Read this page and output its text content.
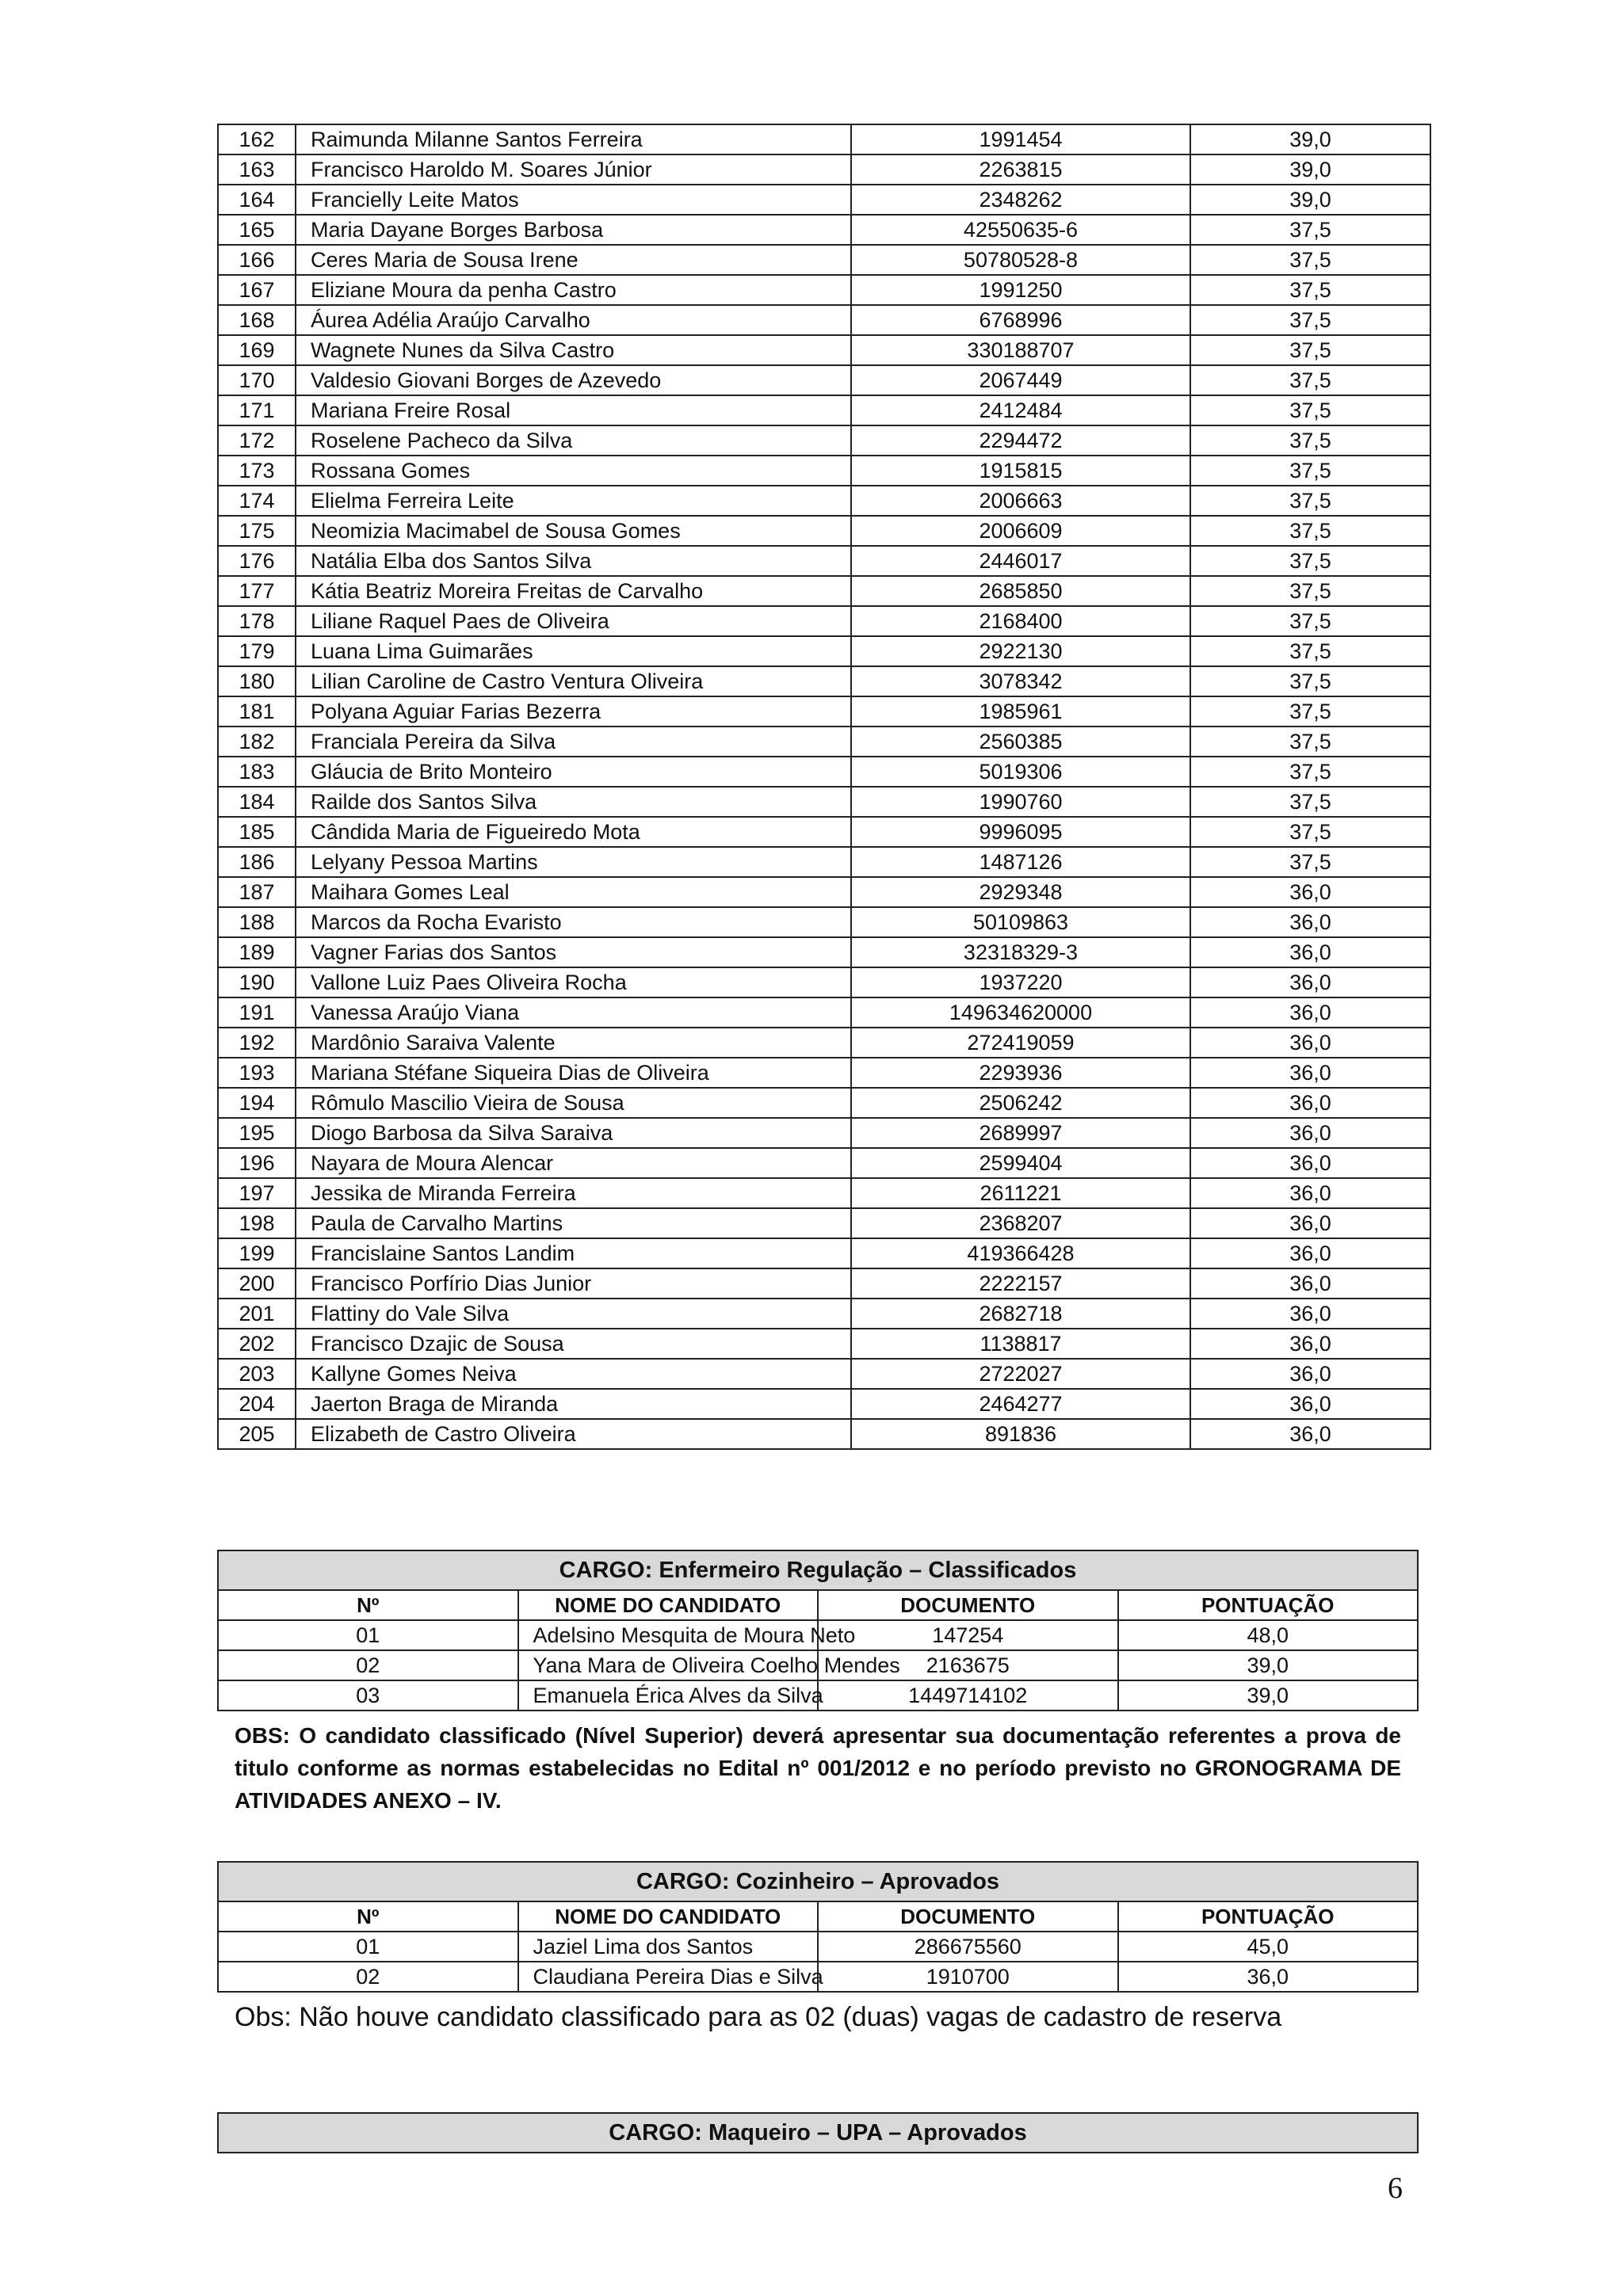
162	Raimunda Milanne Santos Ferreira	1991454	39,0
163	Francisco Haroldo M. Soares Júnior	2263815	39,0
164	Francielly Leite Matos	2348262	39,0
165	Maria Dayane Borges Barbosa	42550635-6	37,5
166	Ceres Maria de Sousa Irene	50780528-8	37,5
167	Eliziane Moura da penha Castro	1991250	37,5
168	Áurea Adélia Araújo Carvalho	6768996	37,5
169	Wagnete Nunes da Silva Castro	330188707	37,5
170	Valdesio Giovani Borges de Azevedo	2067449	37,5
171	Mariana Freire Rosal	2412484	37,5
172	Roselene Pacheco da Silva	2294472	37,5
173	Rossana Gomes	1915815	37,5
174	Elielma Ferreira Leite	2006663	37,5
175	Neomizia Macimabel de Sousa Gomes	2006609	37,5
176	Natália Elba dos Santos Silva	2446017	37,5
177	Kátia Beatriz Moreira Freitas de Carvalho	2685850	37,5
178	Liliane Raquel Paes de Oliveira	2168400	37,5
179	Luana Lima Guimarães	2922130	37,5
180	Lilian Caroline de Castro Ventura Oliveira	3078342	37,5
181	Polyana Aguiar Farias Bezerra	1985961	37,5
182	Franciala Pereira da Silva	2560385	37,5
183	Gláucia de Brito Monteiro	5019306	37,5
184	Railde dos Santos Silva	1990760	37,5
185	Cândida Maria de Figueiredo Mota	9996095	37,5
186	Lelyany Pessoa Martins	1487126	37,5
187	Maihara Gomes Leal	2929348	36,0
188	Marcos da Rocha Evaristo	50109863	36,0
189	Vagner Farias dos Santos	32318329-3	36,0
190	Vallone Luiz Paes Oliveira Rocha	1937220	36,0
191	Vanessa Araújo Viana	149634620000	36,0
192	Mardônio Saraiva Valente	272419059	36,0
193	Mariana Stéfane Siqueira Dias de Oliveira	2293936	36,0
194	Rômulo Mascilio Vieira de Sousa	2506242	36,0
195	Diogo Barbosa da Silva Saraiva	2689997	36,0
196	Nayara de Moura Alencar	2599404	36,0
197	Jessika de Miranda Ferreira	2611221	36,0
198	Paula de Carvalho Martins	2368207	36,0
199	Francislaine Santos Landim	419366428	36,0
200	Francisco Porfírio Dias Junior	2222157	36,0
201	Flattiny do Vale Silva	2682718	36,0
202	Francisco Dzajic de Sousa	1138817	36,0
203	Kallyne Gomes Neiva	2722027	36,0
204	Jaerton Braga de Miranda	2464277	36,0
205	Elizabeth de Castro Oliveira	891836	36,0
CARGO: Enfermeiro Regulação – Classificados			
Nº	NOME DO CANDIDATO	DOCUMENTO	PONTUAÇÃO
01	Adelsino Mesquita de Moura Neto	147254	48,0
02	Yana Mara de Oliveira Coelho Mendes	2163675	39,0
03	Emanuela Érica Alves da Silva	1449714102	39,0
OBS: O candidato classificado (Nível Superior) deverá apresentar sua documentação referentes a prova de titulo conforme as normas estabelecidas no Edital nº 001/2012 e no período previsto no GRONOGRAMA DE ATIVIDADES ANEXO – IV.
CARGO: Cozinheiro – Aprovados			
Nº	NOME DO CANDIDATO	DOCUMENTO	PONTUAÇÃO
01	Jaziel Lima dos Santos	286675560	45,0
02	Claudiana Pereira Dias e Silva	1910700	36,0
Obs: Não houve candidato classificado para as 02 (duas) vagas de cadastro de reserva
CARGO: Maqueiro – UPA – Aprovados
6
